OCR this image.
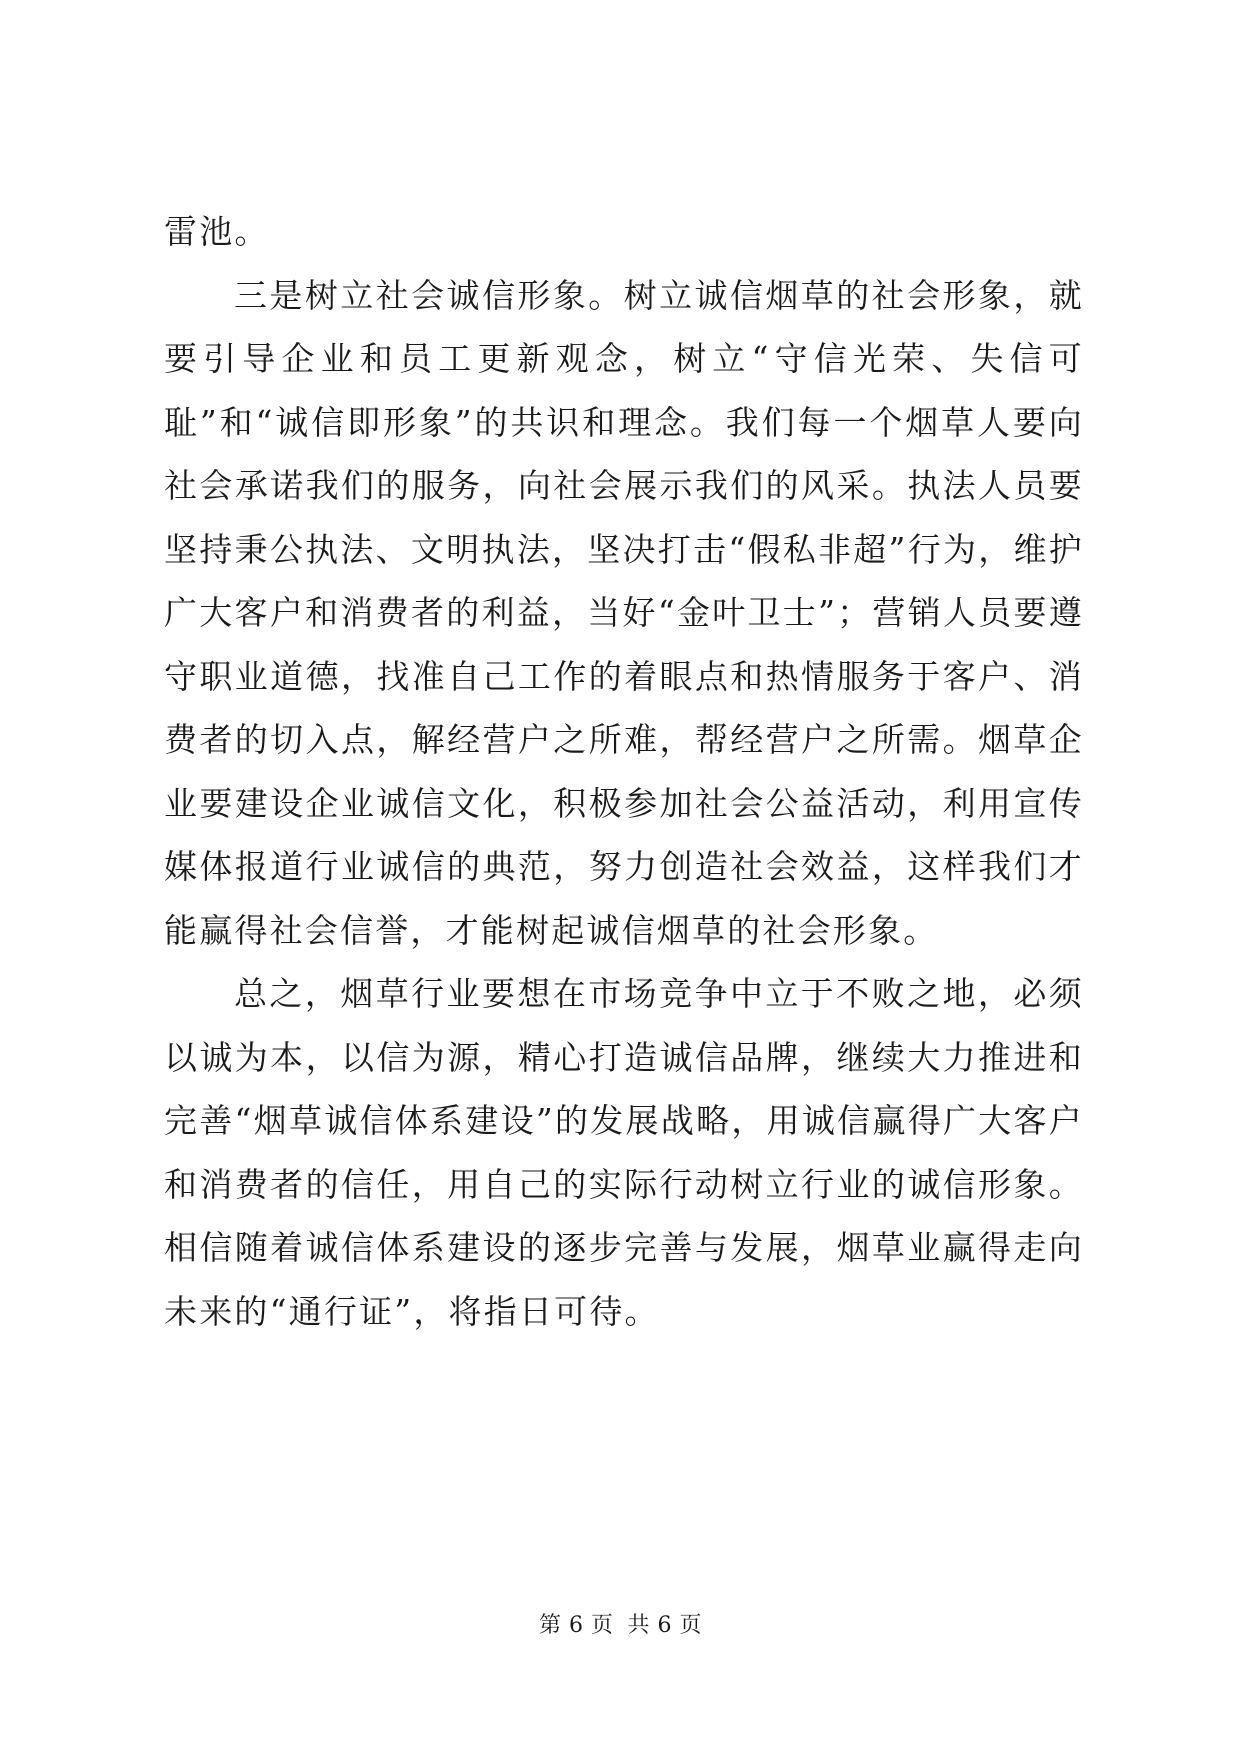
雷池。

三是树立社会诚信形象。树立诚信烟草的社会形象，就要引导企业和员工更新观念，树立“守信光荣、失信可耻”和“诚信即形象”的共识和理念。我们每一个烟草人要向社会承诺我们的服务，向社会展示我们的风采。执法人员要坚持秉公执法、文明执法，坚决打击“假私非超”行为，维护广大客户和消费者的利益，当好“金叶卫士”；营销人员要遵守职业道德，找准自己工作的着眼点和热情服务于客户、消费者的切入点，解经营户之所难，帮经营户之所需。烟草企业要建设企业诚信文化，积极参加社会公益活动，利用宣传媒体报道行业诚信的典范，努力创造社会效益，这样我们才能赢得社会信誉，才能树起诚信烟草的社会形象。

总之，烟草行业要想在市场竞争中立于不败之地，必须以诚为本，以信为源，精心打造诚信品牌，继续大力推进和完善“烟草诚信体系建设”的发展战略，用诚信赢得广大客户和消费者的信任，用自己的实际行动树立行业的诚信形象。相信随着诚信体系建设的逐步完善与发展，烟草业赢得走向未来的“通行证”，将指日可待。

第 6 页 共 6 页
